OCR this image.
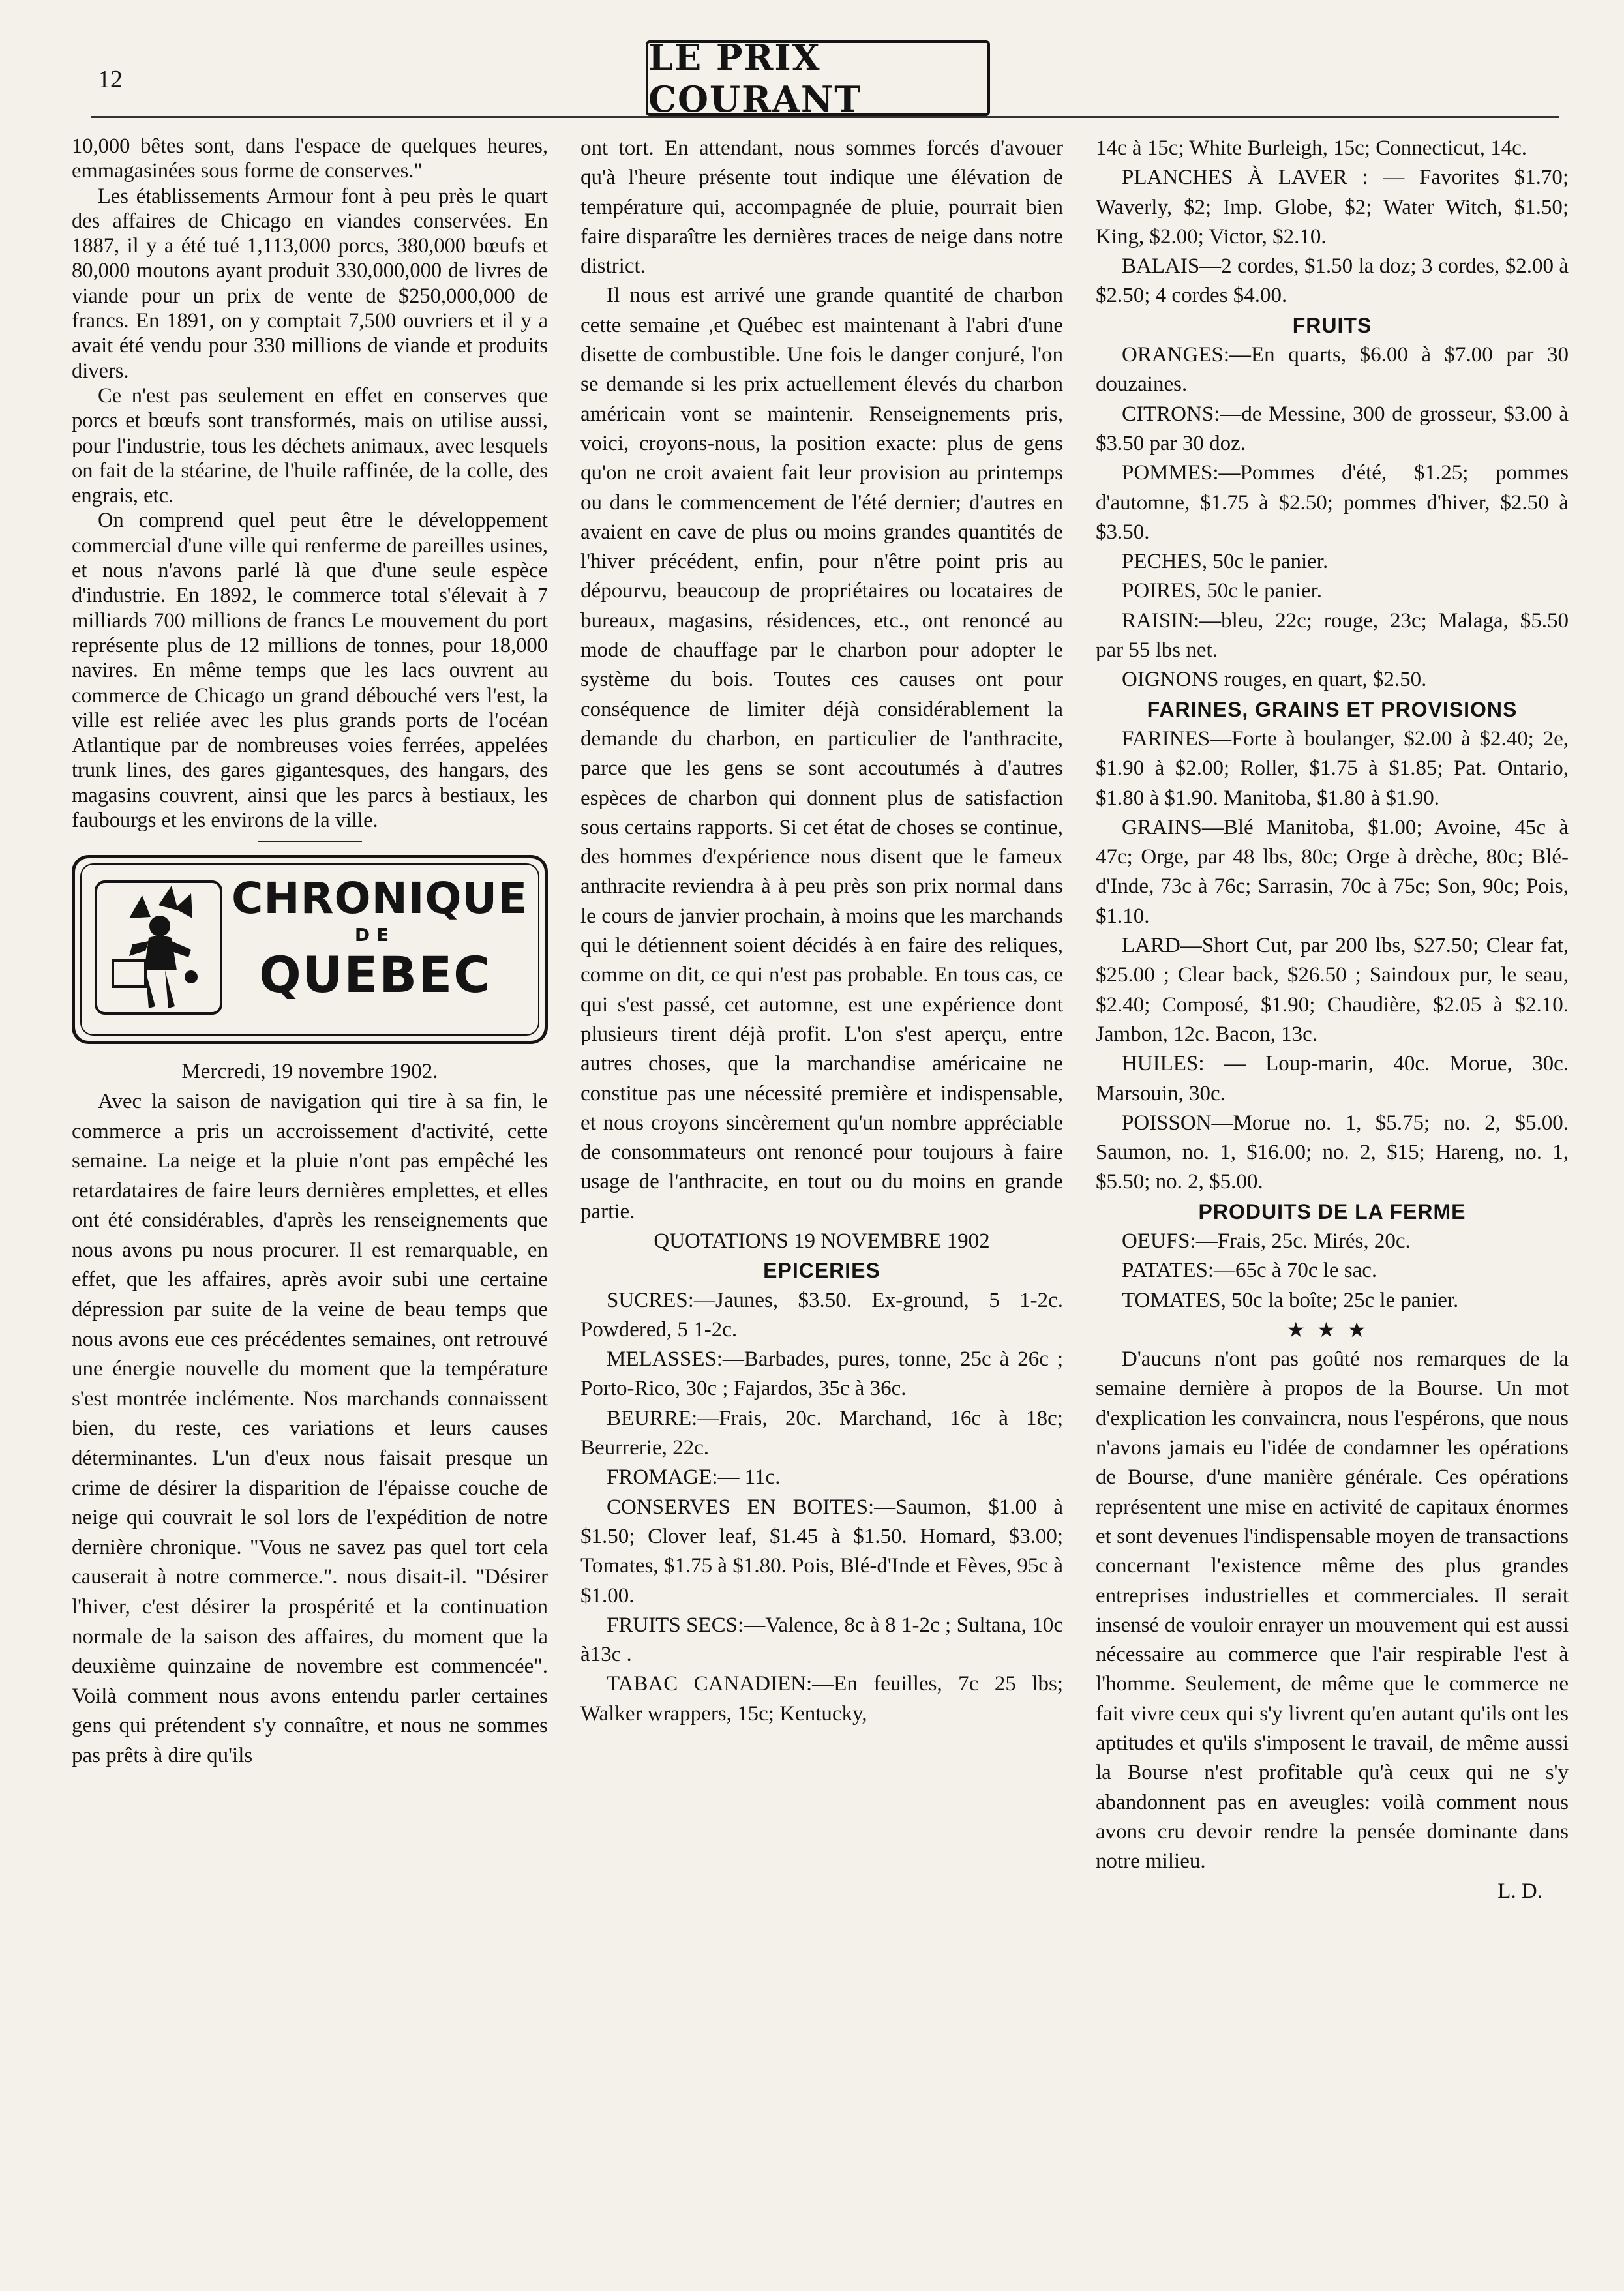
12
LE PRIX COURANT

10,000 bêtes sont, dans l'espace de quelques heures, emmagasinées sous forme de conserves."

Les établissements Armour font à peu près le quart des affaires de Chicago en viandes conservées. En 1887, il y a été tué 1,113,000 porcs, 380,000 bœufs et 80,000 moutons ayant produit 330,000,000 de livres de viande pour un prix de vente de $250,000,000 de francs. En 1891, on y comptait 7,500 ouvriers et il y a avait été vendu pour 330 millions de viande et produits divers.

Ce n'est pas seulement en effet en conserves que porcs et bœufs sont transformés, mais on utilise aussi, pour l'industrie, tous les déchets animaux, avec lesquels on fait de la stéarine, de l'huile raffinée, de la colle, des engrais, etc.

On comprend quel peut être le développement commercial d'une ville qui renferme de pareilles usines, et nous n'avons parlé là que d'une seule espèce d'industrie. En 1892, le commerce total s'élevait à 7 milliards 700 millions de francs Le mouvement du port représente plus de 12 millions de tonnes, pour 18,000 navires. En même temps que les lacs ouvrent au commerce de Chicago un grand débouché vers l'est, la ville est reliée avec les plus grands ports de l'océan Atlantique par de nombreuses voies ferrées, appelées trunk lines, des gares gigantesques, des hangars, des magasins couvrent, ainsi que les parcs à bestiaux, les faubourgs et les environs de la ville.

CHRONIQUE
DE
QUEBEC

Mercredi, 19 novembre 1902.

Avec la saison de navigation qui tire à sa fin, le commerce a pris un accroissement d'activité, cette semaine. La neige et la pluie n'ont pas empêché les retardataires de faire leurs dernières emplettes, et elles ont été considérables, d'après les renseignements que nous avons pu nous procurer. Il est remarquable, en effet, que les affaires, après avoir subi une certaine dépression par suite de la veine de beau temps que nous avons eue ces précédentes semaines, ont retrouvé une énergie nouvelle du moment que la température s'est montrée inclémente. Nos marchands connaissent bien, du reste, ces variations et leurs causes déterminantes. L'un d'eux nous faisait presque un crime de désirer la disparition de l'épaisse couche de neige qui couvrait le sol lors de l'expédition de notre dernière chronique. "Vous ne savez pas quel tort cela causerait à notre commerce.". nous disait-il. "Désirer l'hiver, c'est désirer la prospérité et la continuation normale de la saison des affaires, du moment que la deuxième quinzaine de novembre est commencée". Voilà comment nous avons entendu parler certaines gens qui prétendent s'y connaître, et nous ne sommes pas prêts à dire qu'ils

ont tort. En attendant, nous sommes forcés d'avouer qu'à l'heure présente tout indique une élévation de température qui, accompagnée de pluie, pourrait bien faire disparaître les dernières traces de neige dans notre district.

Il nous est arrivé une grande quantité de charbon cette semaine ,et Québec est maintenant à l'abri d'une disette de combustible. Une fois le danger conjuré, l'on se demande si les prix actuellement élevés du charbon américain vont se maintenir. Renseignements pris, voici, croyons-nous, la position exacte: plus de gens qu'on ne croit avaient fait leur provision au printemps ou dans le commencement de l'été dernier; d'autres en avaient en cave de plus ou moins grandes quantités de l'hiver précédent, enfin, pour n'être point pris au dépourvu, beaucoup de propriétaires ou locataires de bureaux, magasins, résidences, etc., ont renoncé au mode de chauffage par le charbon pour adopter le système du bois. Toutes ces causes ont pour conséquence de limiter déjà considérablement la demande du charbon, en particulier de l'anthracite, parce que les gens se sont accoutumés à d'autres espèces de charbon qui donnent plus de satisfaction sous certains rapports. Si cet état de choses se continue, des hommes d'expérience nous disent que le fameux anthracite reviendra à à peu près son prix normal dans le cours de janvier prochain, à moins que les marchands qui le détiennent soient décidés à en faire des reliques, comme on dit, ce qui n'est pas probable. En tous cas, ce qui s'est passé, cet automne, est une expérience dont plusieurs tirent déjà profit. L'on s'est aperçu, entre autres choses, que la marchandise américaine ne constitue pas une nécessité première et indispensable, et nous croyons sincèrement qu'un nombre appréciable de consommateurs ont renoncé pour toujours à faire usage de l'anthracite, en tout ou du moins en grande partie.

QUOTATIONS 19 NOVEMBRE 1902

EPICERIES

SUCRES:—Jaunes, $3.50. Ex-ground, 5 1-2c. Powdered, 5 1-2c.

MELASSES:—Barbades, pures, tonne, 25c à 26c ; Porto-Rico, 30c ; Fajardos, 35c à 36c.

BEURRE:—Frais, 20c. Marchand, 16c à 18c; Beurrerie, 22c.

FROMAGE:— 11c.

CONSERVES EN BOITES:—Saumon, $1.00 à $1.50; Clover leaf, $1.45 à $1.50. Homard, $3.00; Tomates, $1.75 à $1.80. Pois, Blé-d'Inde et Fèves, 95c à $1.00.

FRUITS SECS:—Valence, 8c à 8 1-2c ; Sultana, 10c à13c .

TABAC CANADIEN:—En feuilles, 7c 25 lbs; Walker wrappers, 15c; Kentucky,

14c à 15c; White Burleigh, 15c; Connecticut, 14c.

PLANCHES À LAVER : — Favorites $1.70; Waverly, $2; Imp. Globe, $2; Water Witch, $1.50; King, $2.00; Victor, $2.10.

BALAIS—2 cordes, $1.50 la doz; 3 cordes, $2.00 à $2.50; 4 cordes $4.00.

FRUITS

ORANGES:—En quarts, $6.00 à $7.00 par 30 douzaines.

CITRONS:—de Messine, 300 de grosseur, $3.00 à $3.50 par 30 doz.

POMMES:—Pommes d'été, $1.25; pommes d'automne, $1.75 à $2.50; pommes d'hiver, $2.50 à $3.50.

PECHES, 50c le panier.

POIRES, 50c le panier.

RAISIN:—bleu, 22c; rouge, 23c; Malaga, $5.50 par 55 lbs net.

OIGNONS rouges, en quart, $2.50.

FARINES, GRAINS ET PROVISIONS

FARINES—Forte à boulanger, $2.00 à $2.40; 2e, $1.90 à $2.00; Roller, $1.75 à $1.85; Pat. Ontario, $1.80 à $1.90. Manitoba, $1.80 à $1.90.

GRAINS—Blé Manitoba, $1.00; Avoine, 45c à 47c; Orge, par 48 lbs, 80c; Orge à drèche, 80c; Blé-d'Inde, 73c à 76c; Sarrasin, 70c à 75c; Son, 90c; Pois, $1.10.

LARD—Short Cut, par 200 lbs, $27.50; Clear fat, $25.00 ; Clear back, $26.50 ; Saindoux pur, le seau, $2.40; Composé, $1.90; Chaudière, $2.05 à $2.10. Jambon, 12c. Bacon, 13c.

HUILES: — Loup-marin, 40c. Morue, 30c. Marsouin, 30c.

POISSON—Morue no. 1, $5.75; no. 2, $5.00. Saumon, no. 1, $16.00; no. 2, $15; Hareng, no. 1, $5.50; no. 2, $5.00.

PRODUITS DE LA FERME

OEUFS:—Frais, 25c. Mirés, 20c.

PATATES:—65c à 70c le sac.

TOMATES, 50c la boîte; 25c le panier.

★★★

D'aucuns n'ont pas goûté nos remarques de la semaine dernière à propos de la Bourse. Un mot d'explication les convaincra, nous l'espérons, que nous n'avons jamais eu l'idée de condamner les opérations de Bourse, d'une manière générale. Ces opérations représentent une mise en activité de capitaux énormes et sont devenues l'indispensable moyen de transactions concernant l'existence même des plus grandes entreprises industrielles et commerciales. Il serait insensé de vouloir enrayer un mouvement qui est aussi nécessaire au commerce que l'air respirable l'est à l'homme. Seulement, de même que le commerce ne fait vivre ceux qui s'y livrent qu'en autant qu'ils ont les aptitudes et qu'ils s'imposent le travail, de même aussi la Bourse n'est profitable qu'à ceux qui ne s'y abandonnent pas en aveugles: voilà comment nous avons cru devoir rendre la pensée dominante dans notre milieu.

L. D.
